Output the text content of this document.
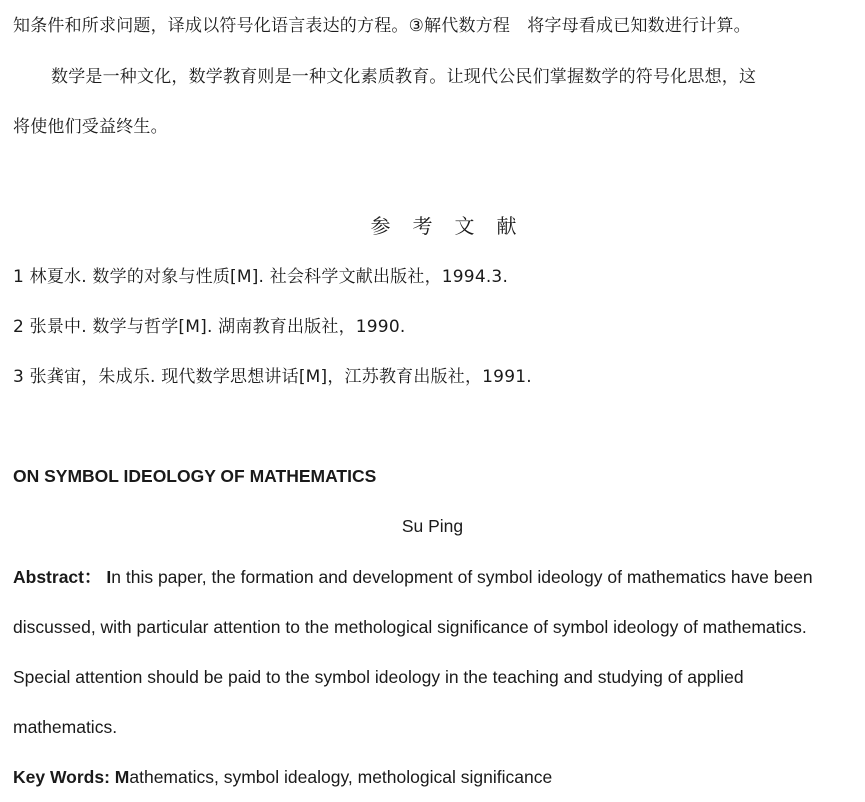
知条件和所求问题，译成以符号化语言表达的方程。③解代数方程　将字母看成已知数进行计算。
数学是一种文化，数学教育则是一种文化素质教育。让现代公民们掌握数学的符号化思想，这
将使他们受益终生。
参考文献
1 林夏水. 数学的对象与性质[M]. 社会科学文献出版社，1994.3.
2 张景中. 数学与哲学[M]. 湖南教育出版社，1990.
3 张龚宙，朱成乐. 现代数学思想讲话[M]，江苏教育出版社，1991.
ON SYMBOL IDEOLOGY OF MATHEMATICS
Su Ping
Abstract： In this paper, the formation and development of symbol ideology of mathematics have been
discussed, with particular attention to the methological significance of symbol ideology of mathematics.
Special attention should be paid to the symbol ideology in the teaching and studying of applied
mathematics.
Key Words: Mathematics, symbol idealogy, methological significance
